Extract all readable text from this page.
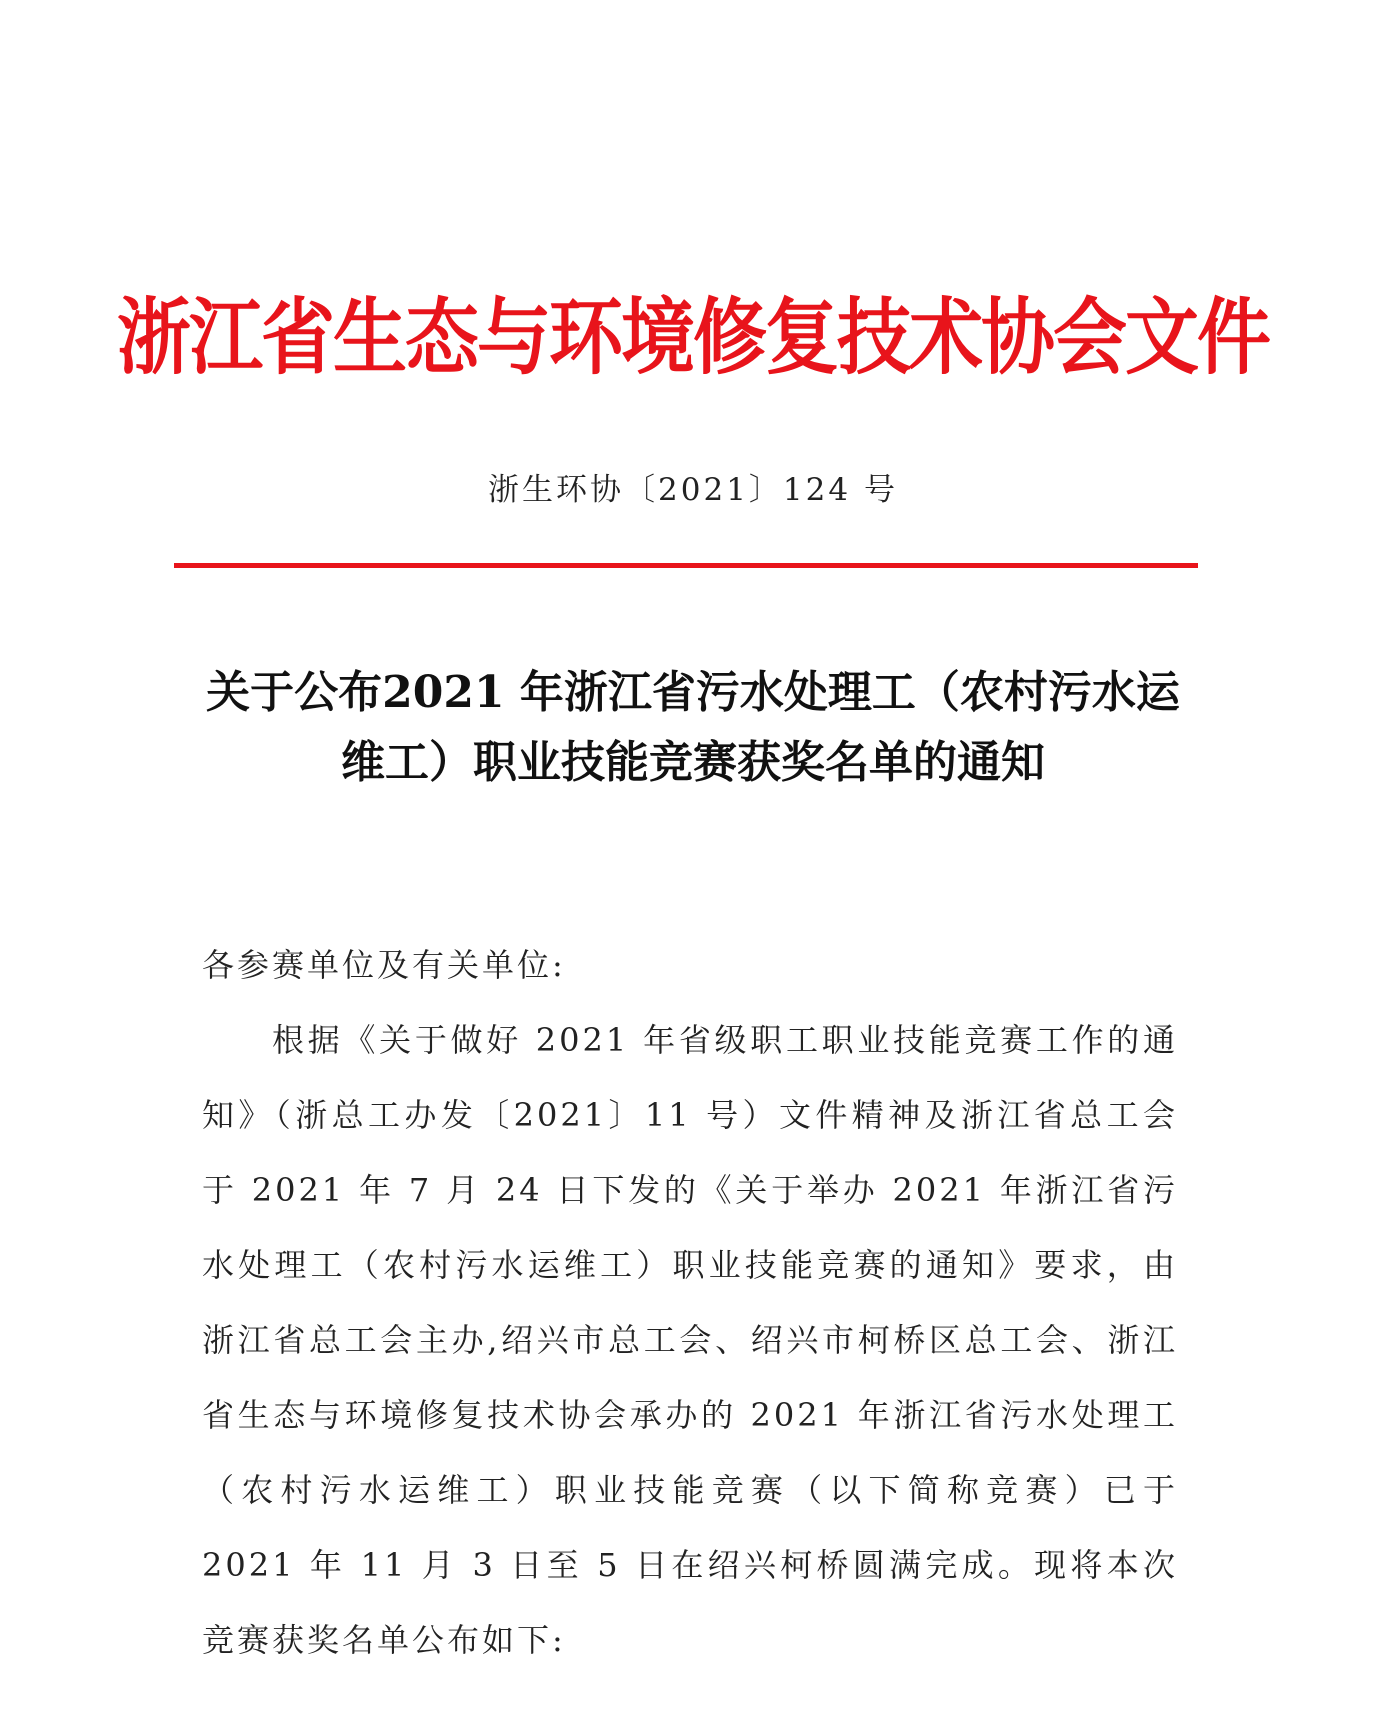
浙江省生态与环境修复技术协会文件
浙生环协〔2021〕124 号
关于公布2021 年浙江省污水处理工（农村污水运
维工）职业技能竞赛获奖名单的通知

各参赛单位及有关单位:

根据《关于做好 2021 年省级职工职业技能竞赛工作的通知》（浙总工办发〔2021〕11 号）文件精神及浙江省总工会于 2021 年 7 月 24 日下发的《关于举办 2021 年浙江省污水处理工（农村污水运维工）职业技能竞赛的通知》要求，由浙江省总工会主办,绍兴市总工会、绍兴市柯桥区总工会、浙江省生态与环境修复技术协会承办的 2021 年浙江省污水处理工（农村污水运维工）职业技能竞赛（以下简称竞赛）已于 2021 年 11 月 3 日至 5 日在绍兴柯桥圆满完成。现将本次竞赛获奖名单公布如下:
